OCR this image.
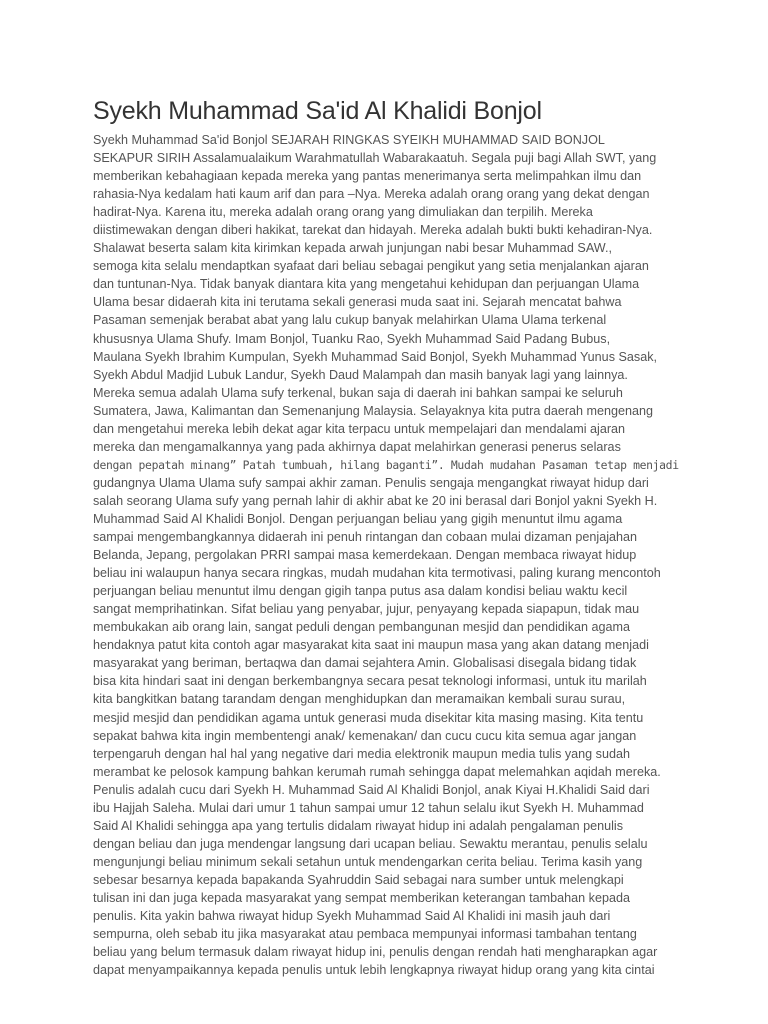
Syekh Muhammad Sa'id Al Khalidi Bonjol
Syekh Muhammad Sa'id Bonjol SEJARAH RINGKAS SYEIKH MUHAMMAD SAID BONJOL
SEKAPUR SIRIH Assalamualaikum Warahmatullah Wabarakaatuh. Segala puji bagi Allah SWT, yang
memberikan kebahagiaan kepada mereka yang pantas menerimanya serta melimpahkan ilmu dan
rahasia-Nya kedalam hati kaum arif dan para –Nya. Mereka adalah orang orang yang dekat dengan
hadirat-Nya. Karena itu, mereka adalah orang orang yang dimuliakan dan terpilih. Mereka
diistimewakan dengan diberi hakikat, tarekat dan hidayah. Mereka adalah bukti bukti kehadiran-Nya.
Shalawat beserta salam kita kirimkan kepada arwah junjungan nabi besar Muhammad SAW.,
semoga kita selalu mendaptkan syafaat dari beliau sebagai pengikut yang setia menjalankan ajaran
dan tuntunan-Nya. Tidak banyak diantara kita yang mengetahui kehidupan dan perjuangan Ulama
Ulama besar didaerah kita ini terutama sekali generasi muda saat ini. Sejarah mencatat bahwa
Pasaman semenjak berabat abat yang lalu cukup banyak melahirkan Ulama Ulama terkenal
khususnya Ulama Shufy. Imam Bonjol, Tuanku Rao, Syekh Muhammad Said Padang Bubus,
Maulana Syekh Ibrahim Kumpulan, Syekh Muhammad Said Bonjol, Syekh Muhammad Yunus Sasak,
Syekh Abdul Madjid Lubuk Landur, Syekh Daud Malampah dan masih banyak lagi yang lainnya.
Mereka semua adalah Ulama sufy terkenal, bukan saja di daerah ini bahkan sampai ke seluruh
Sumatera, Jawa, Kalimantan dan Semenanjung Malaysia. Selayaknya kita putra daerah mengenang
dan mengetahui mereka lebih dekat agar kita terpacu untuk mempelajari dan mendalami ajaran
mereka dan mengamalkannya yang pada akhirnya dapat melahirkan generasi penerus selaras
dengan pepatah minang” Patah tumbuah, hilang baganti”. Mudah mudahan Pasaman tetap menjadi
gudangnya Ulama Ulama sufy sampai akhir zaman. Penulis sengaja mengangkat riwayat hidup dari
salah seorang Ulama sufy yang pernah lahir di akhir abat ke 20 ini berasal dari Bonjol yakni Syekh H.
Muhammad Said Al Khalidi Bonjol. Dengan perjuangan beliau yang gigih menuntut ilmu agama
sampai mengembangkannya didaerah ini penuh rintangan dan cobaan mulai dizaman penjajahan
Belanda, Jepang, pergolakan PRRI sampai masa kemerdekaan. Dengan membaca riwayat hidup
beliau ini walaupun hanya secara ringkas, mudah mudahan kita termotivasi, paling kurang mencontoh
perjuangan beliau menuntut ilmu dengan gigih tanpa putus asa dalam kondisi beliau waktu kecil
sangat memprihatinkan. Sifat beliau yang penyabar, jujur, penyayang kepada siapapun, tidak mau
membukakan aib orang lain, sangat peduli dengan pembangunan mesjid dan pendidikan agama
hendaknya patut kita contoh agar masyarakat kita saat ini maupun masa yang akan datang menjadi
masyarakat yang beriman, bertaqwa dan damai sejahtera Amin. Globalisasi disegala bidang tidak
bisa kita hindari saat ini dengan berkembangnya secara pesat teknologi informasi, untuk itu marilah
kita bangkitkan batang tarandam dengan menghidupkan dan meramaikan kembali surau surau,
mesjid mesjid dan pendidikan agama untuk generasi muda disekitar kita masing masing. Kita tentu
sepakat bahwa kita ingin membentengi anak/ kemenakan/ dan cucu cucu kita semua agar jangan
terpengaruh dengan hal hal yang negative dari media elektronik maupun media tulis yang sudah
merambat ke pelosok kampung bahkan kerumah rumah sehingga dapat melemahkan aqidah mereka.
Penulis adalah cucu dari Syekh H. Muhammad Said Al Khalidi Bonjol, anak Kiyai H.Khalidi Said dari
ibu Hajjah Saleha. Mulai dari umur 1 tahun sampai umur 12 tahun selalu ikut Syekh H. Muhammad
Said Al Khalidi sehingga apa yang tertulis didalam riwayat hidup ini adalah pengalaman penulis
dengan beliau dan juga mendengar langsung dari ucapan beliau. Sewaktu merantau, penulis selalu
mengunjungi beliau minimum sekali setahun untuk mendengarkan cerita beliau. Terima kasih yang
sebesar besarnya kepada bapakanda Syahruddin Said sebagai nara sumber untuk melengkapi
tulisan ini dan juga kepada masyarakat yang sempat memberikan keterangan tambahan kepada
penulis. Kita yakin bahwa riwayat hidup Syekh Muhammad Said Al Khalidi ini masih jauh dari
sempurna, oleh sebab itu jika masyarakat atau pembaca mempunyai informasi tambahan tentang
beliau yang belum termasuk dalam riwayat hidup ini, penulis dengan rendah hati mengharapkan agar
dapat menyampaikannya kepada penulis untuk lebih lengkapnya riwayat hidup orang yang kita cintai
